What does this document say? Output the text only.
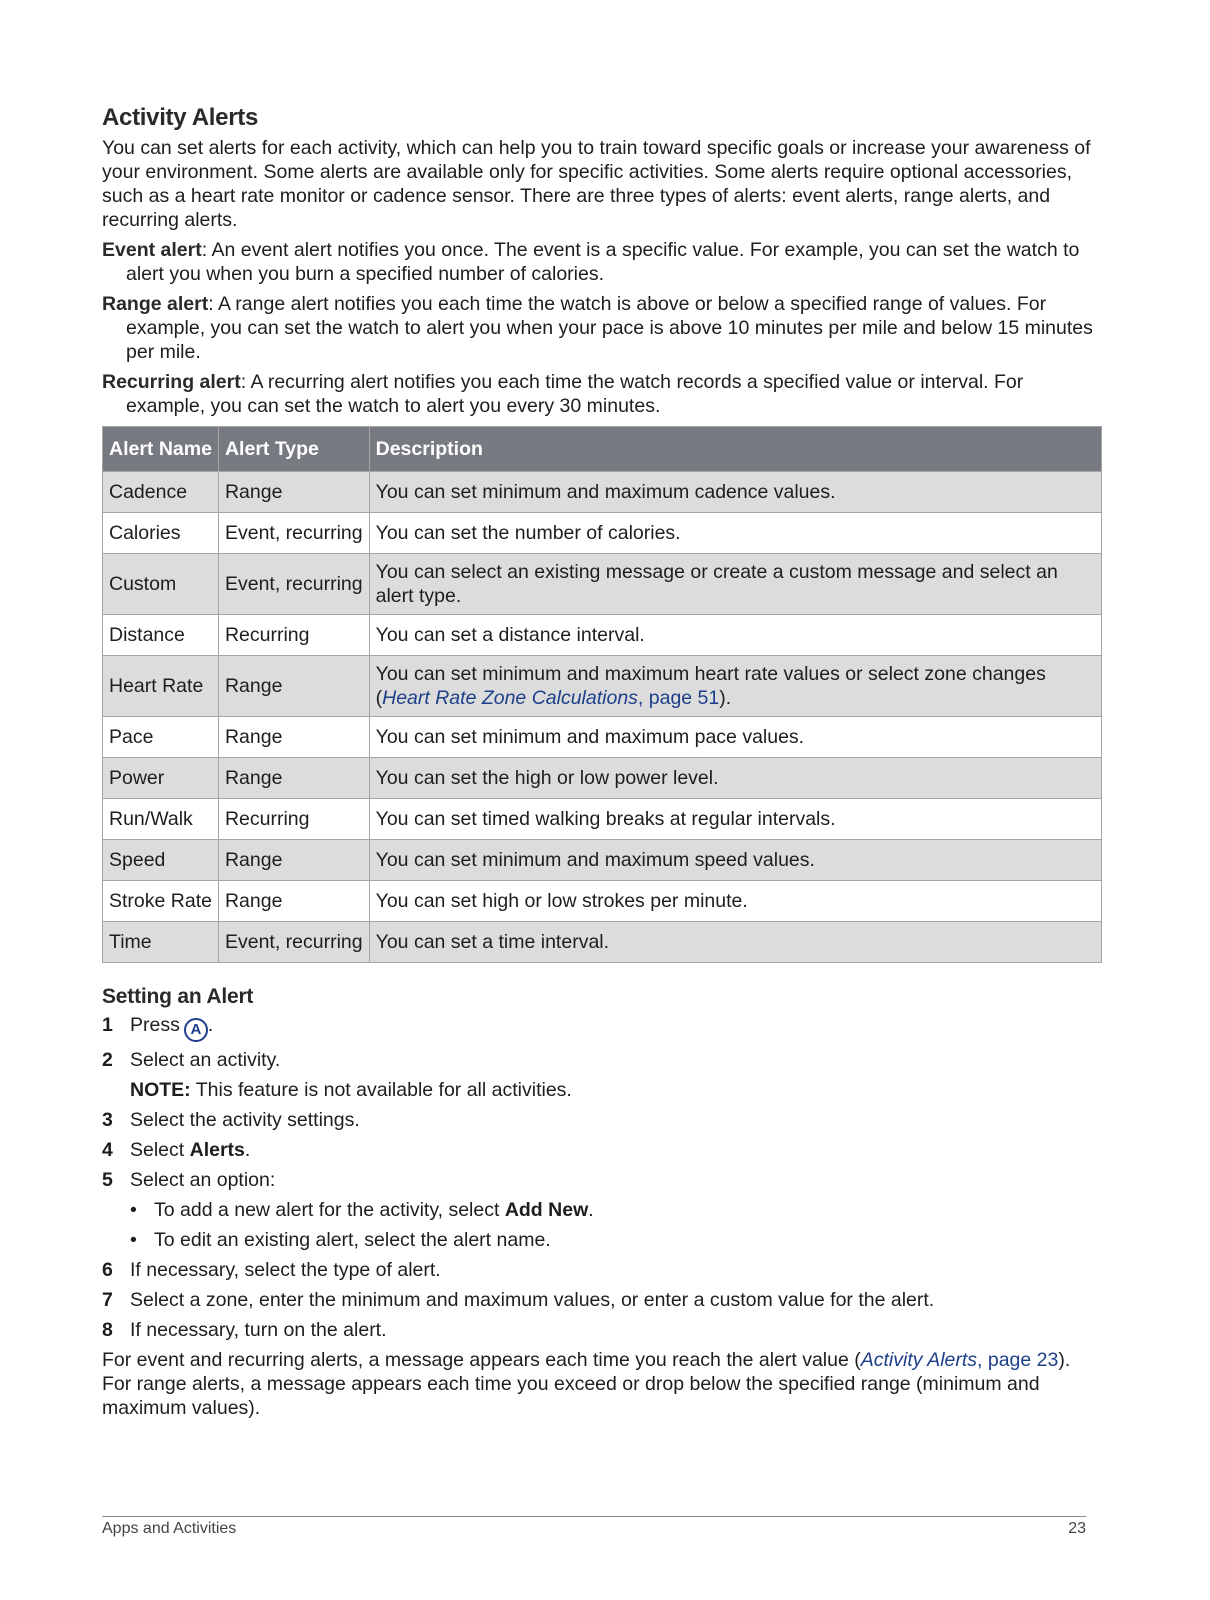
Activity Alerts

You can set alerts for each activity, which can help you to train toward specific goals or increase your awareness of your environment. Some alerts are available only for specific activities. Some alerts require optional accessories, such as a heart rate monitor or cadence sensor. There are three types of alerts: event alerts, range alerts, and recurring alerts.

Event alert: An event alert notifies you once. The event is a specific value. For example, you can set the watch to alert you when you burn a specified number of calories.

Range alert: A range alert notifies you each time the watch is above or below a specified range of values. For example, you can set the watch to alert you when your pace is above 10 minutes per mile and below 15 minutes per mile.

Recurring alert: A recurring alert notifies you each time the watch records a specified value or interval. For example, you can set the watch to alert you every 30 minutes.

Alert Name	Alert Type	Description
Cadence	Range	You can set minimum and maximum cadence values.
Calories	Event, recurring	You can set the number of calories.
Custom	Event, recurring	You can select an existing message or create a custom message and select an alert type.
Distance	Recurring	You can set a distance interval.
Heart Rate	Range	You can set minimum and maximum heart rate values or select zone changes (Heart Rate Zone Calculations, page 51).
Pace	Range	You can set minimum and maximum pace values.
Power	Range	You can set the high or low power level.
Run/Walk	Recurring	You can set timed walking breaks at regular intervals.
Speed	Range	You can set minimum and maximum speed values.
Stroke Rate	Range	You can set high or low strokes per minute.
Time	Event, recurring	You can set a time interval.
Setting an Alert
1 Press A .
2 Select an activity.
NOTE: This feature is not available for all activities.
3 Select the activity settings.
4 Select Alerts.
5 Select an option:
• To add a new alert for the activity, select Add New.
• To edit an existing alert, select the alert name.
6 If necessary, select the type of alert.
7 Select a zone, enter the minimum and maximum values, or enter a custom value for the alert.
8 If necessary, turn on the alert.

For event and recurring alerts, a message appears each time you reach the alert value (Activity Alerts, page 23). For range alerts, a message appears each time you exceed or drop below the specified range (minimum and maximum values).

Apps and Activities	23
